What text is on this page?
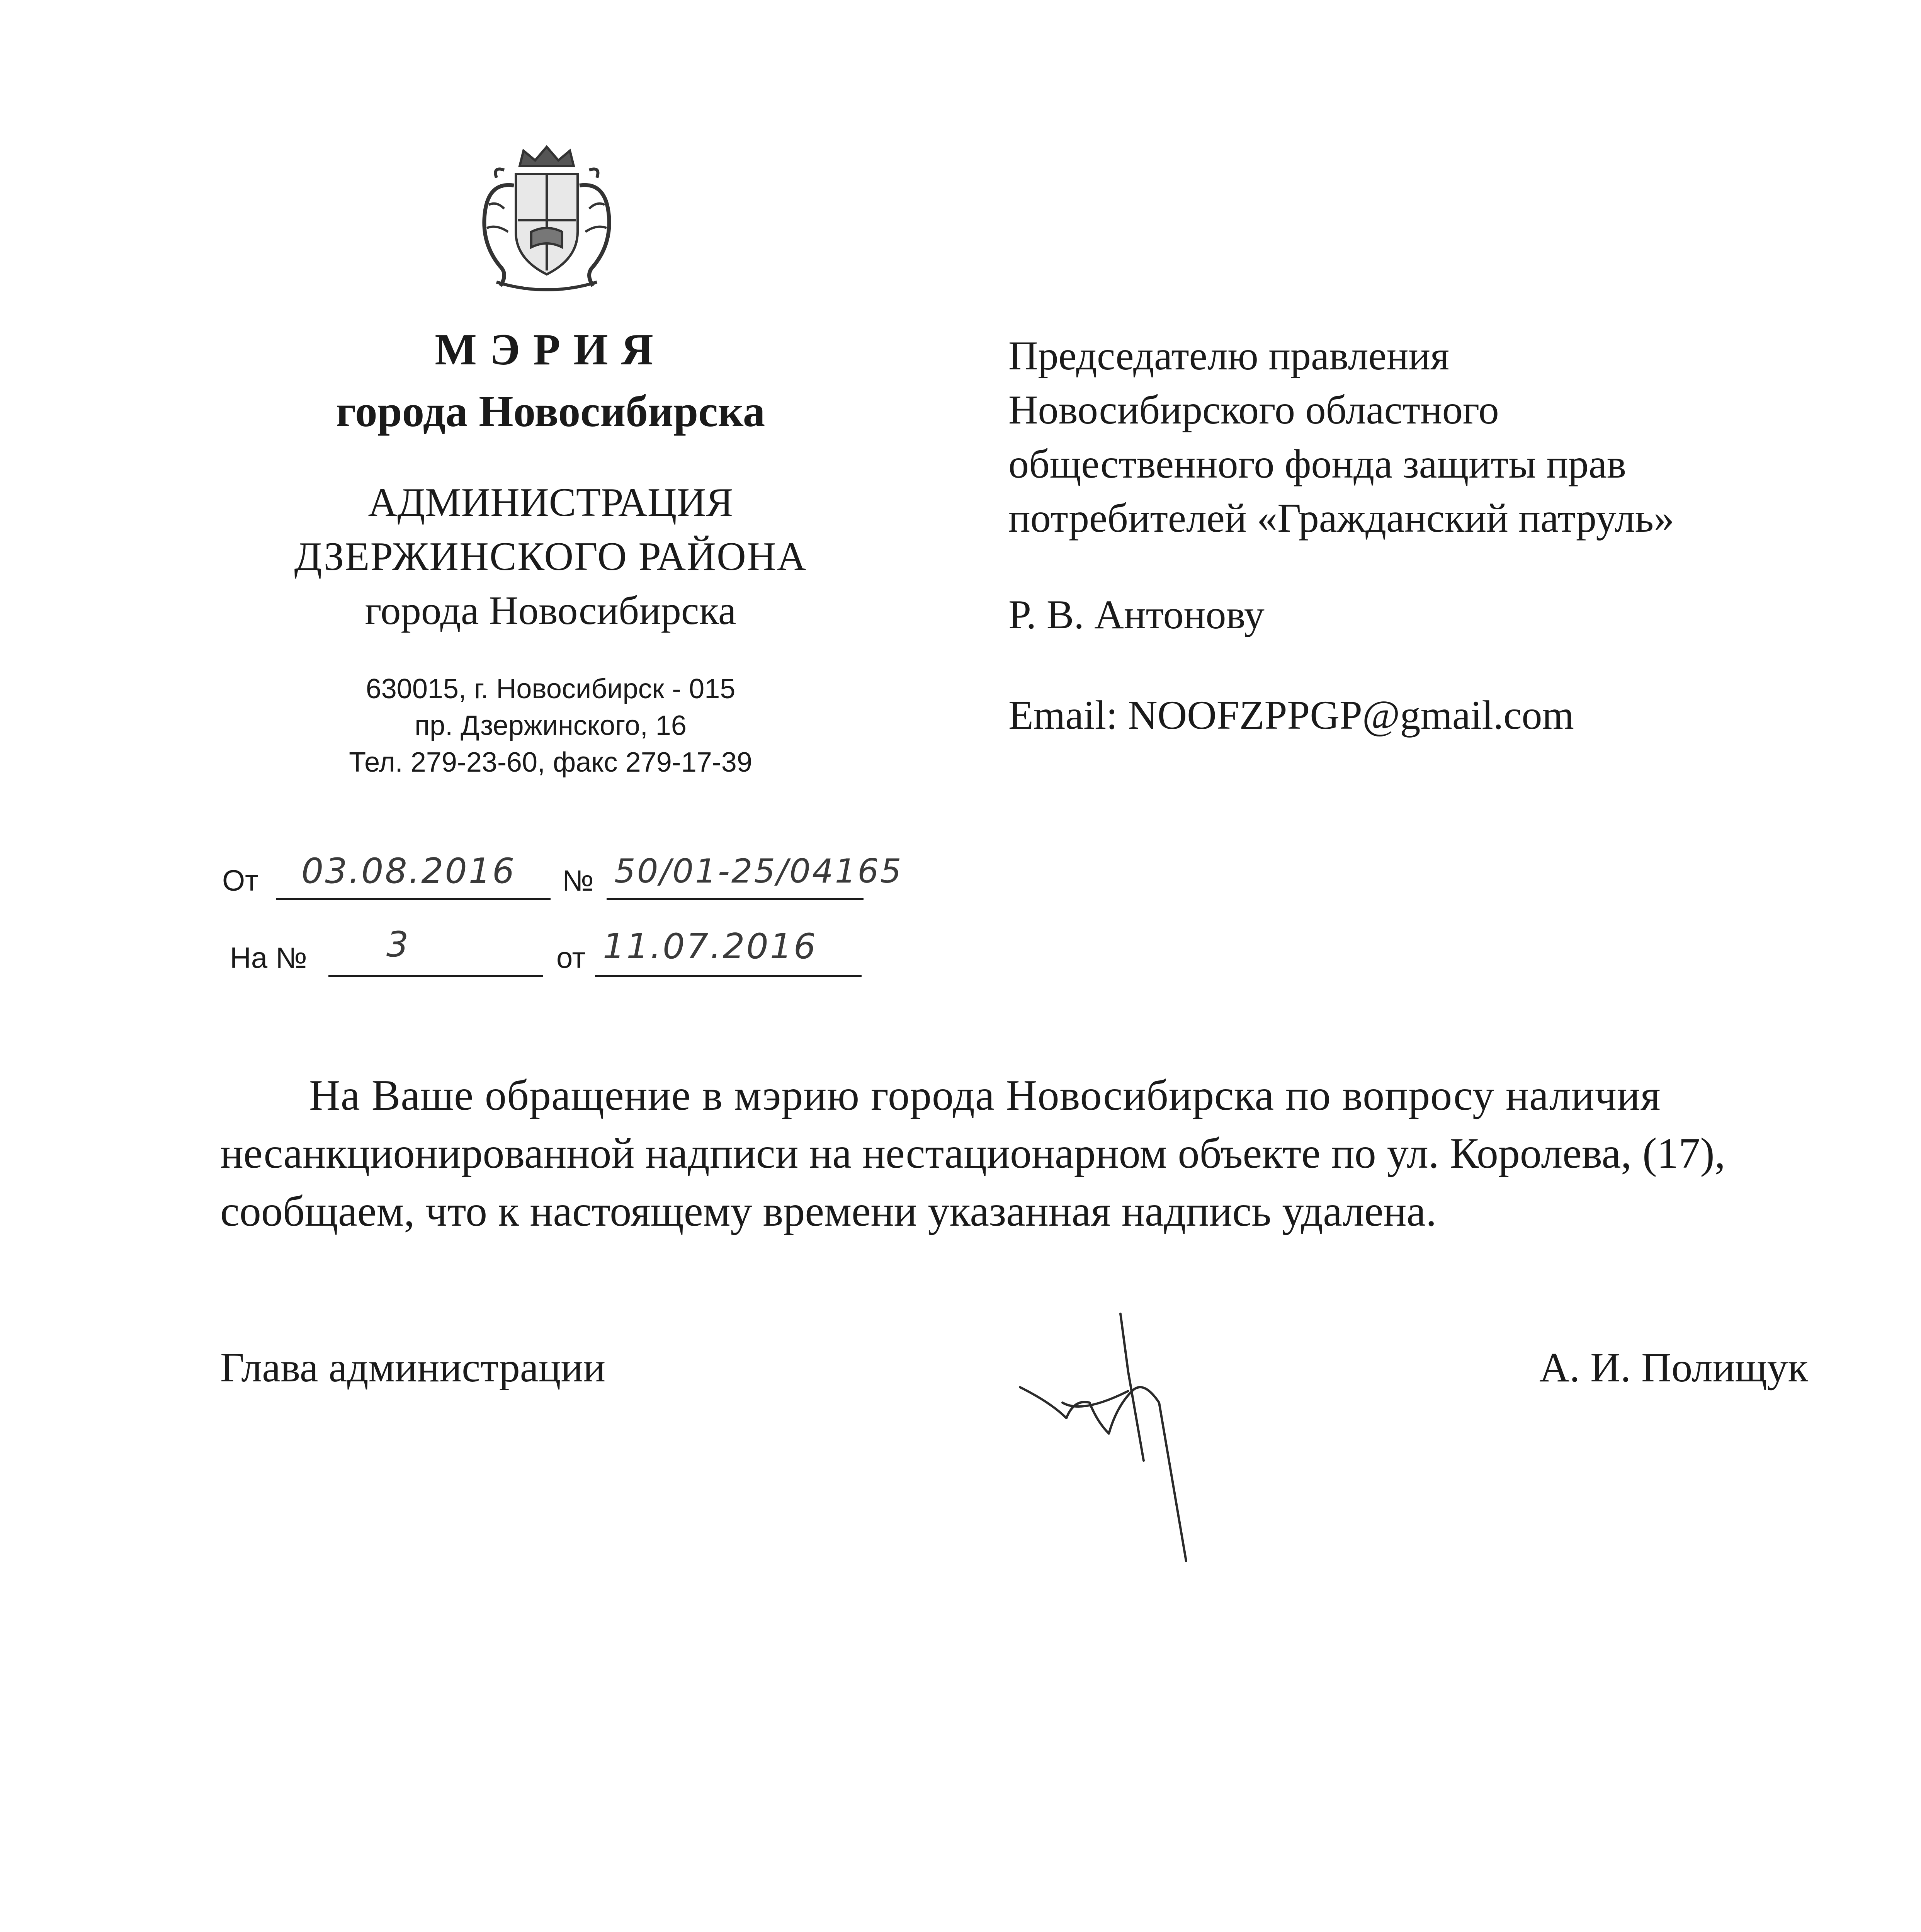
МЭРИЯ
города Новосибирска
АДМИНИСТРАЦИЯ
ДЗЕРЖИНСКОГО РАЙОНА
города Новосибирска
630015, г. Новосибирск - 015
пр. Дзержинского, 16
Тел. 279-23-60, факс 279-17-39
Председателю правления
Новосибирского областного
общественного фонда защиты прав
потребителей «Гражданский патруль»
Р. В. Антонову
Email: NOOFZPPGP@gmail.com
От 03.08.2016 № 50/01-25/04165
На № 3	от 11.07.2016
На Ваше обращение в мэрию города Новосибирска по вопросу наличия
несанкционированной надписи на нестационарном объекте по ул. Королева, (17),
сообщаем, что к настоящему времени указанная надпись удалена.
Глава администрации	А. И. Полищук
